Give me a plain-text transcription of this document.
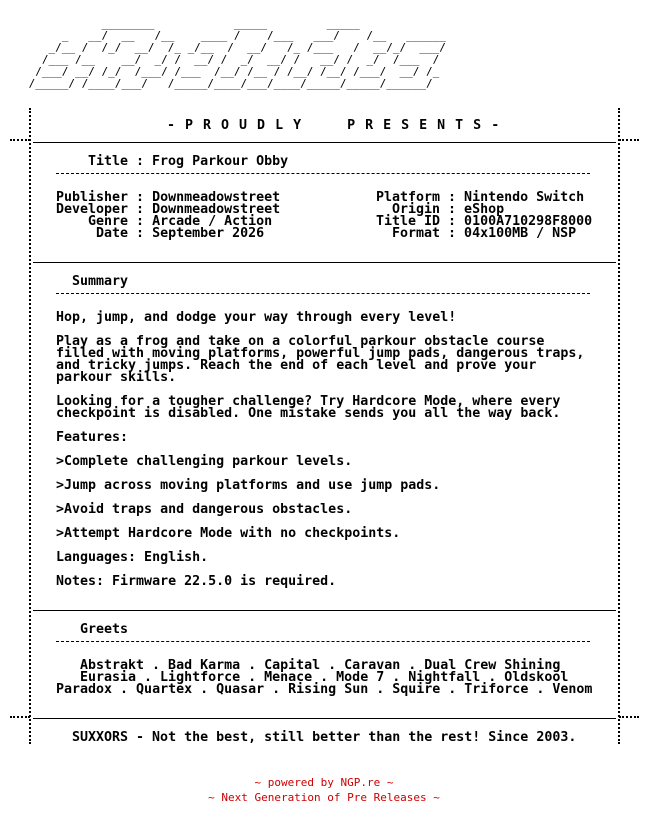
________            _____         _____
_   __/  __   /__    ____ /    /___   ___/    /__   ______
_/__ /  /_/  __/  /_ _/__  /  __/   /_ /___   /  __/_/  ___/
/___ /__    __/  _/ /  __/ /  _/  __/ /   __/ /  _/  /___  /
/___/ __/ /_/  /___/ /___  /__/ /__ / /__/ /__/ /___/  __/ /_
/_____/ /____/___/   /_____/____/___/____/_____/_____/______/
- P R O U D L Y     P R E S E N T S -
Title : Frog Parkour Obby
Publisher : Downmeadowstreet
Developer : Downmeadowstreet
Genre : Arcade / Action
Date : September 2026
Platform : Nintendo Switch
Origin : eShop
Title ID : 0100A710298F8000
Format : 04x100MB / NSP
Summary
Hop, jump, and dodge your way through every level!
Play as a frog and take on a colorful parkour obstacle course
filled with moving platforms, powerful jump pads, dangerous traps,
and tricky jumps. Reach the end of each level and prove your
parkour skills.
Looking for a tougher challenge? Try Hardcore Mode, where every
checkpoint is disabled. One mistake sends you all the way back.
Features:
>Complete challenging parkour levels.
>Jump across moving platforms and use jump pads.
>Avoid traps and dangerous obstacles.
>Attempt Hardcore Mode with no checkpoints.
Languages: English.
Notes: Firmware 22.5.0 is required.
Greets
Abstrakt . Bad Karma . Capital . Caravan . Dual Crew Shining
Eurasia . Lightforce . Menace . Mode 7 . Nightfall . Oldskool
Paradox . Quartex . Quasar . Rising Sun . Squire . Triforce . Venom
SUXXORS - Not the best, still better than the rest! Since 2003.

~ powered by NGP.re ~

~ Next Generation of Pre Releases ~
